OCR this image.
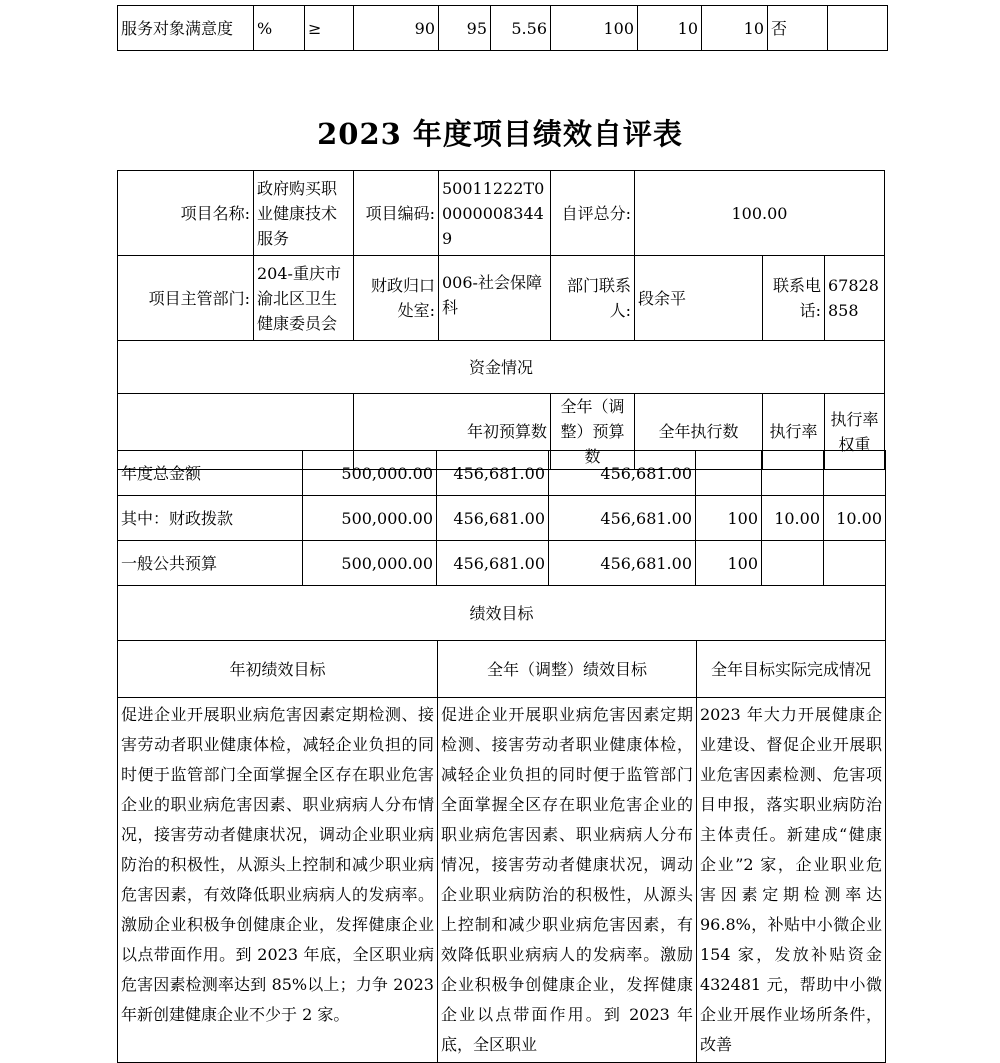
服务对象满意度	%	≥	90	95	5.56	100	10	10	否	
2023 年度项目绩效自评表
项目名称:	政府购买职业健康技术服务	项目编码:	50011222T000000083449	自评总分:	100.00		
项目主管部门:	204-重庆市渝北区卫生健康委员会	财政归口处室:	006-社会保障科	部门联系人:	段余平	联系电话:	67828858
资金情况							
		年初预算数		全年（调整）预算数	全年执行数	执行率	执行率权重
年度总金额	500,000.00	456,681.00	456,681.00			
其中：财政拨款	500,000.00	456,681.00	456,681.00	100	10.00	10.00
一般公共预算	500,000.00	456,681.00	456,681.00	100		
绩效目标		
年初绩效目标	全年（调整）绩效目标	全年目标实际完成情况
促进企业开展职业病危害因素定期检测、接害劳动者职业健康体检，减轻企业负担的同时便于监管部门全面掌握全区存在职业危害企业的职业病危害因素、职业病病人分布情况，接害劳动者健康状况，调动企业职业病防治的积极性，从源头上控制和减少职业病危害因素，有效降低职业病病人的发病率。激励企业积极争创健康企业，发挥健康企业以点带面作用。到 2023 年底，全区职业病危害因素检测率达到 85%以上；力争 2023 年新创建健康企业不少于 2 家。	促进企业开展职业病危害因素定期检测、接害劳动者职业健康体检，减轻企业负担的同时便于监管部门全面掌握全区存在职业危害企业的职业病危害因素、职业病病人分布情况，接害劳动者健康状况，调动企业职业病防治的积极性，从源头上控制和减少职业病危害因素，有效降低职业病病人的发病率。激励企业积极争创健康企业，发挥健康企业以点带面作用。到 2023 年底，全区职业	2023 年大力开展健康企业建设、督促企业开展职业危害因素检测、危害项目申报，落实职业病防治主体责任。新建成“健康企业”2 家，企业职业危害因素定期检测率达 96.8%，补贴中小微企业 154 家，发放补贴资金 432481 元，帮助中小微企业开展作业场所条件，改善
